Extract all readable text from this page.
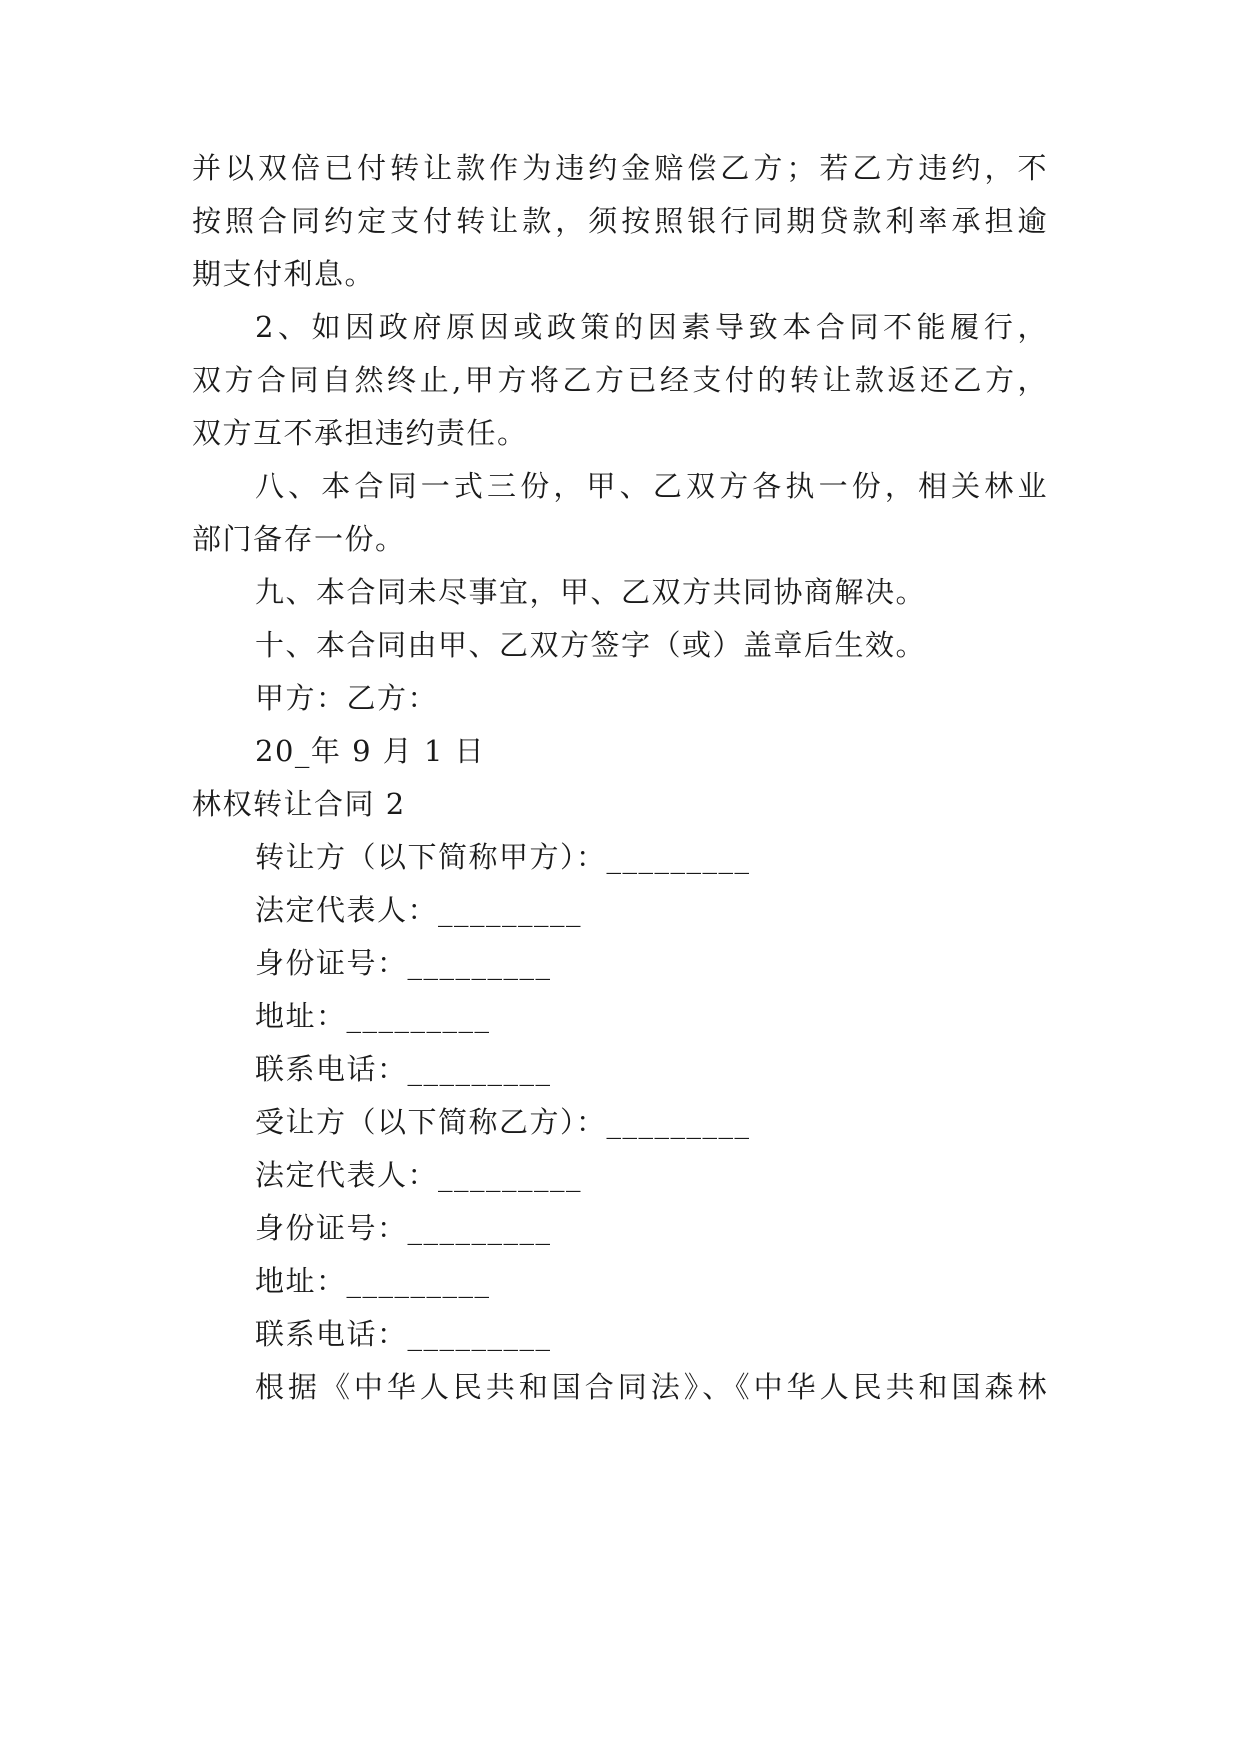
并以双倍已付转让款作为违约金赔偿乙方；若乙方违约，不
按照合同约定支付转让款，须按照银行同期贷款利率承担逾
期支付利息。
2、如因政府原因或政策的因素导致本合同不能履行，
双方合同自然终止,甲方将乙方已经支付的转让款返还乙方，
双方互不承担违约责任。
八、本合同一式三份，甲、乙双方各执一份，相关林业
部门备存一份。
九、本合同未尽事宜，甲、乙双方共同协商解决。
十、本合同由甲、乙双方签字（或）盖章后生效。
甲方：乙方：
20_年 9 月 1 日
林权转让合同 2
转让方（以下简称甲方）：_________
法定代表人：_________
身份证号：_________
地址：_________
联系电话：_________
受让方（以下简称乙方）：_________
法定代表人：_________
身份证号：_________
地址：_________
联系电话：_________
根据《中华人民共和国合同法》、《中华人民共和国森林
